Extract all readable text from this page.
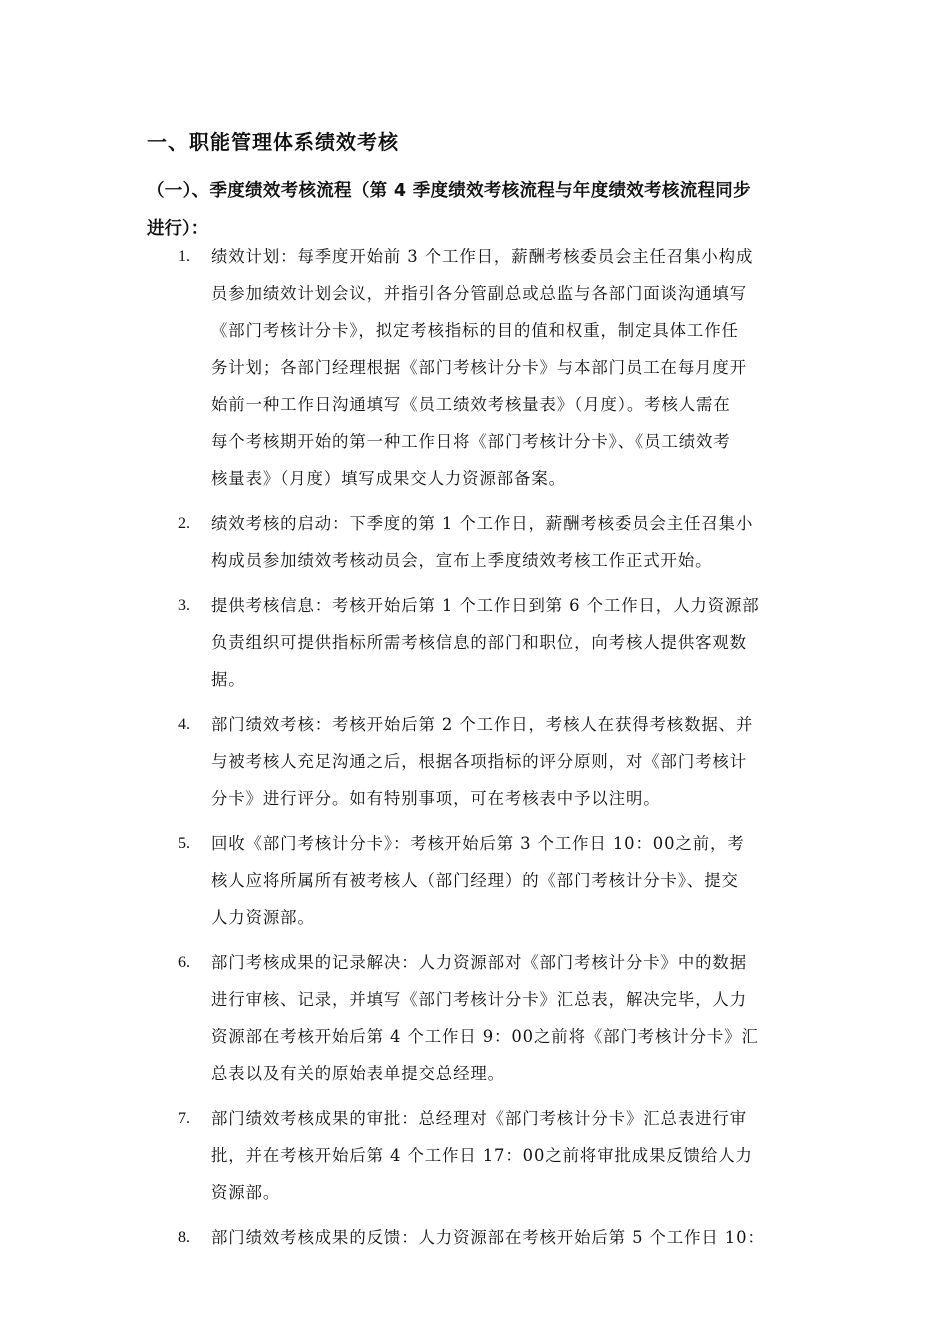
一、职能管理体系绩效考核
（一）、季度绩效考核流程（第 4 季度绩效考核流程与年度绩效考核流程同步
进行）：
1. 绩效计划：每季度开始前 3 个工作日，薪酬考核委员会主任召集小构成
员参加绩效计划会议，并指引各分管副总或总监与各部门面谈沟通填写
《部门考核计分卡》，拟定考核指标的目的值和权重，制定具体工作任
务计划；各部门经理根据《部门考核计分卡》与本部门员工在每月度开
始前一种工作日沟通填写《员工绩效考核量表》（月度）。考核人需在
每个考核期开始的第一种工作日将《部门考核计分卡》、《员工绩效考
核量表》（月度）填写成果交人力资源部备案。
2. 绩效考核的启动：下季度的第 1 个工作日，薪酬考核委员会主任召集小
构成员参加绩效考核动员会，宣布上季度绩效考核工作正式开始。
3. 提供考核信息：考核开始后第 1 个工作日到第 6 个工作日，人力资源部
负责组织可提供指标所需考核信息的部门和职位，向考核人提供客观数
据。
4. 部门绩效考核：考核开始后第 2 个工作日，考核人在获得考核数据、并
与被考核人充足沟通之后，根据各项指标的评分原则，对《部门考核计
分卡》进行评分。如有特别事项，可在考核表中予以注明。
5. 回收《部门考核计分卡》：考核开始后第 3 个工作日 10：00之前，考
核人应将所属所有被考核人（部门经理）的《部门考核计分卡》、提交
人力资源部。
6. 部门考核成果的记录解决：人力资源部对《部门考核计分卡》中的数据
进行审核、记录，并填写《部门考核计分卡》汇总表，解决完毕，人力
资源部在考核开始后第 4 个工作日 9：00之前将《部门考核计分卡》汇
总表以及有关的原始表单提交总经理。
7. 部门绩效考核成果的审批：总经理对《部门考核计分卡》汇总表进行审
批，并在考核开始后第 4 个工作日 17：00之前将审批成果反馈给人力
资源部。
8. 部门绩效考核成果的反馈：人力资源部在考核开始后第 5 个工作日 10：
